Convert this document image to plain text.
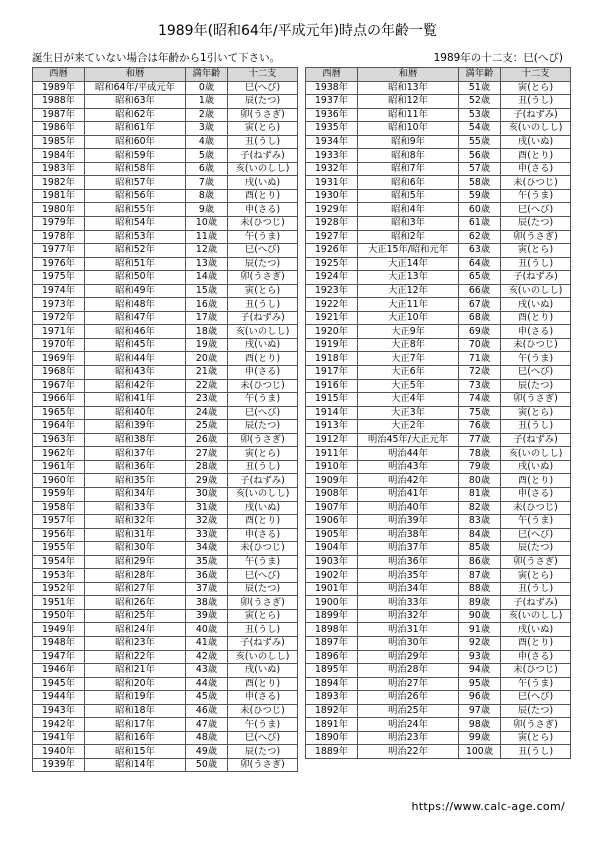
1989年(昭和64年/平成元年)時点の年齢一覧
誕生日が来ていない場合は年齢から1引いて下さい。	1989年の十二支：巳(へび)
西暦	和暦	満年齢	十二支
1989年	昭和64年/平成元年	0歳	巳(へび)
1988年	昭和63年	1歳	辰(たつ)
1987年	昭和62年	2歳	卯(うさぎ)
1986年	昭和61年	3歳	寅(とら)
1985年	昭和60年	4歳	丑(うし)
1984年	昭和59年	5歳	子(ねずみ)
1983年	昭和58年	6歳	亥(いのしし)
1982年	昭和57年	7歳	戌(いぬ)
1981年	昭和56年	8歳	酉(とり)
1980年	昭和55年	9歳	申(さる)
1979年	昭和54年	10歳	未(ひつじ)
1978年	昭和53年	11歳	午(うま)
1977年	昭和52年	12歳	巳(へび)
1976年	昭和51年	13歳	辰(たつ)
1975年	昭和50年	14歳	卯(うさぎ)
1974年	昭和49年	15歳	寅(とら)
1973年	昭和48年	16歳	丑(うし)
1972年	昭和47年	17歳	子(ねずみ)
1971年	昭和46年	18歳	亥(いのしし)
1970年	昭和45年	19歳	戌(いぬ)
1969年	昭和44年	20歳	酉(とり)
1968年	昭和43年	21歳	申(さる)
1967年	昭和42年	22歳	未(ひつじ)
1966年	昭和41年	23歳	午(うま)
1965年	昭和40年	24歳	巳(へび)
1964年	昭和39年	25歳	辰(たつ)
1963年	昭和38年	26歳	卯(うさぎ)
1962年	昭和37年	27歳	寅(とら)
1961年	昭和36年	28歳	丑(うし)
1960年	昭和35年	29歳	子(ねずみ)
1959年	昭和34年	30歳	亥(いのしし)
1958年	昭和33年	31歳	戌(いぬ)
1957年	昭和32年	32歳	酉(とり)
1956年	昭和31年	33歳	申(さる)
1955年	昭和30年	34歳	未(ひつじ)
1954年	昭和29年	35歳	午(うま)
1953年	昭和28年	36歳	巳(へび)
1952年	昭和27年	37歳	辰(たつ)
1951年	昭和26年	38歳	卯(うさぎ)
1950年	昭和25年	39歳	寅(とら)
1949年	昭和24年	40歳	丑(うし)
1948年	昭和23年	41歳	子(ねずみ)
1947年	昭和22年	42歳	亥(いのしし)
1946年	昭和21年	43歳	戌(いぬ)
1945年	昭和20年	44歳	酉(とり)
1944年	昭和19年	45歳	申(さる)
1943年	昭和18年	46歳	未(ひつじ)
1942年	昭和17年	47歳	午(うま)
1941年	昭和16年	48歳	巳(へび)
1940年	昭和15年	49歳	辰(たつ)
1939年	昭和14年	50歳	卯(うさぎ)
西暦	和暦	満年齢	十二支
1938年	昭和13年	51歳	寅(とら)
1937年	昭和12年	52歳	丑(うし)
1936年	昭和11年	53歳	子(ねずみ)
1935年	昭和10年	54歳	亥(いのしし)
1934年	昭和9年	55歳	戌(いぬ)
1933年	昭和8年	56歳	酉(とり)
1932年	昭和7年	57歳	申(さる)
1931年	昭和6年	58歳	未(ひつじ)
1930年	昭和5年	59歳	午(うま)
1929年	昭和4年	60歳	巳(へび)
1928年	昭和3年	61歳	辰(たつ)
1927年	昭和2年	62歳	卯(うさぎ)
1926年	大正15年/昭和元年	63歳	寅(とら)
1925年	大正14年	64歳	丑(うし)
1924年	大正13年	65歳	子(ねずみ)
1923年	大正12年	66歳	亥(いのしし)
1922年	大正11年	67歳	戌(いぬ)
1921年	大正10年	68歳	酉(とり)
1920年	大正9年	69歳	申(さる)
1919年	大正8年	70歳	未(ひつじ)
1918年	大正7年	71歳	午(うま)
1917年	大正6年	72歳	巳(へび)
1916年	大正5年	73歳	辰(たつ)
1915年	大正4年	74歳	卯(うさぎ)
1914年	大正3年	75歳	寅(とら)
1913年	大正2年	76歳	丑(うし)
1912年	明治45年/大正元年	77歳	子(ねずみ)
1911年	明治44年	78歳	亥(いのしし)
1910年	明治43年	79歳	戌(いぬ)
1909年	明治42年	80歳	酉(とり)
1908年	明治41年	81歳	申(さる)
1907年	明治40年	82歳	未(ひつじ)
1906年	明治39年	83歳	午(うま)
1905年	明治38年	84歳	巳(へび)
1904年	明治37年	85歳	辰(たつ)
1903年	明治36年	86歳	卯(うさぎ)
1902年	明治35年	87歳	寅(とら)
1901年	明治34年	88歳	丑(うし)
1900年	明治33年	89歳	子(ねずみ)
1899年	明治32年	90歳	亥(いのしし)
1898年	明治31年	91歳	戌(いぬ)
1897年	明治30年	92歳	酉(とり)
1896年	明治29年	93歳	申(さる)
1895年	明治28年	94歳	未(ひつじ)
1894年	明治27年	95歳	午(うま)
1893年	明治26年	96歳	巳(へび)
1892年	明治25年	97歳	辰(たつ)
1891年	明治24年	98歳	卯(うさぎ)
1890年	明治23年	99歳	寅(とら)
1889年	明治22年	100歳	丑(うし)
https://www.calc-age.com/
